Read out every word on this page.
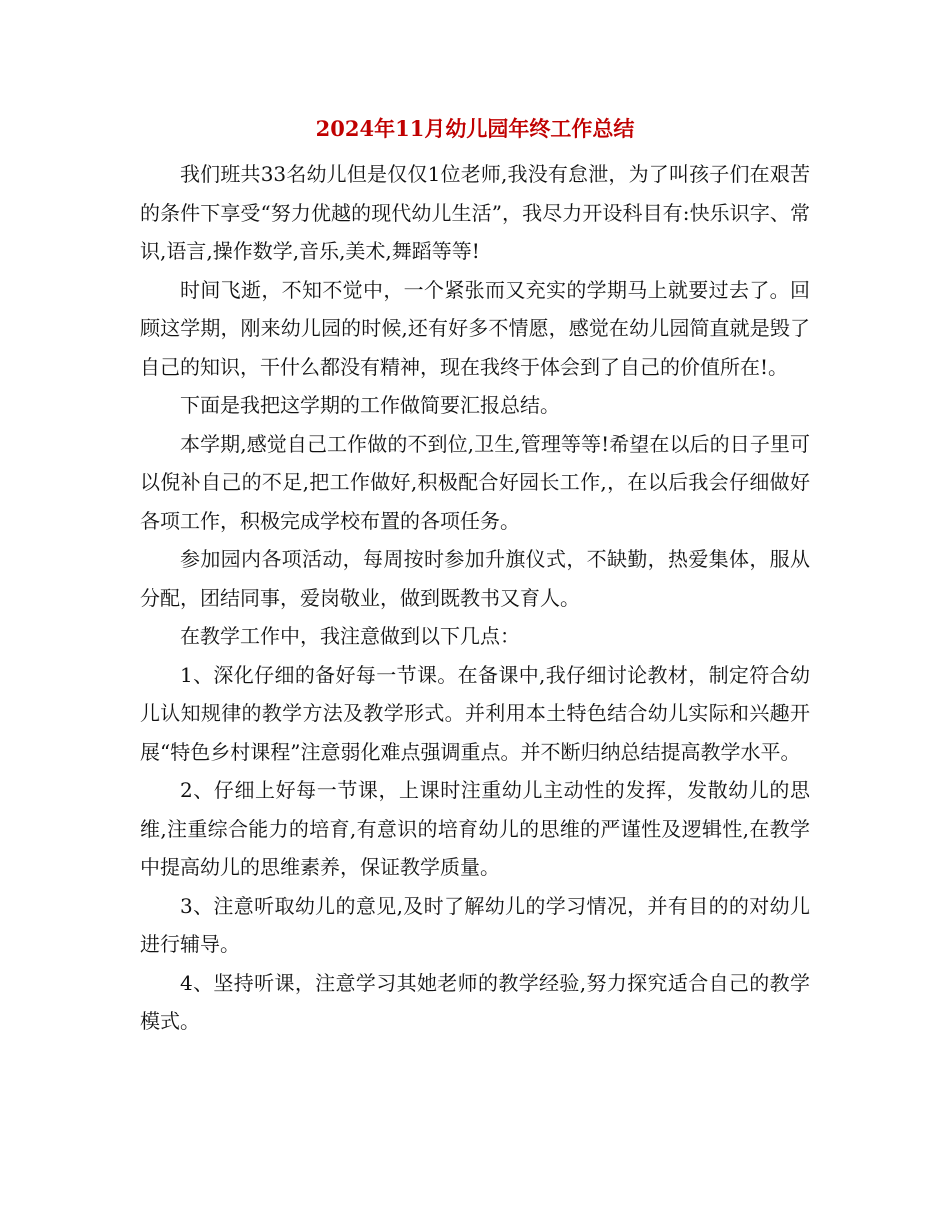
2024年11月幼儿园年终工作总结

我们班共33名幼儿但是仅仅1位老师,我没有怠泄，为了叫孩子们在艰苦的条件下享受“努力优越的现代幼儿生活”，我尽力开设科目有:快乐识字、常识,语言,操作数学,音乐,美术,舞蹈等等!

时间飞逝，不知不觉中，一个紧张而又充实的学期马上就要过去了。回顾这学期，刚来幼儿园的时候,还有好多不情愿，感觉在幼儿园简直就是毁了自己的知识，干什么都没有精神，现在我终于体会到了自己的价值所在!。

下面是我把这学期的工作做简要汇报总结。

本学期,感觉自己工作做的不到位,卫生,管理等等!希望在以后的日子里可以倪补自己的不足,把工作做好,积极配合好园长工作,，在以后我会仔细做好各项工作，积极完成学校布置的各项任务。

参加园内各项活动，每周按时参加升旗仪式，不缺勤，热爱集体，服从分配，团结同事，爱岗敬业，做到既教书又育人。

在教学工作中，我注意做到以下几点：

1、深化仔细的备好每一节课。在备课中,我仔细讨论教材，制定符合幼儿认知规律的教学方法及教学形式。并利用本土特色结合幼儿实际和兴趣开展“特色乡村课程”注意弱化难点强调重点。并不断归纳总结提高教学水平。

2、仔细上好每一节课，上课时注重幼儿主动性的发挥，发散幼儿的思维,注重综合能力的培育,有意识的培育幼儿的思维的严谨性及逻辑性,在教学中提高幼儿的思维素养，保证教学质量。

3、注意听取幼儿的意见,及时了解幼儿的学习情况，并有目的的对幼儿进行辅导。

4、坚持听课，注意学习其她老师的教学经验,努力探究适合自己的教学模式。
